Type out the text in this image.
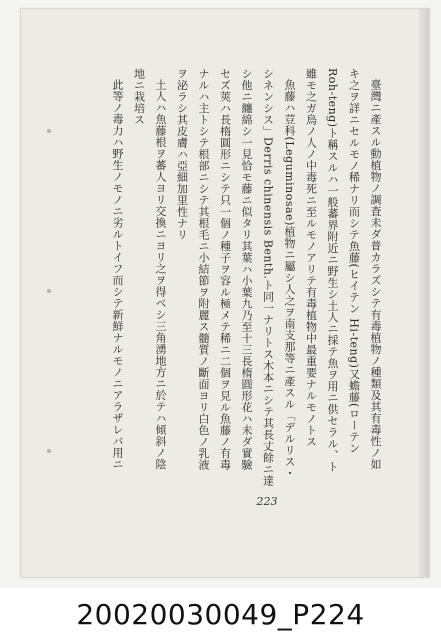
臺灣ニ產スル動植物ノ調査未ダ普カラズシテ有毒植物ノ種類及其有毒性ノ如
キ之ヲ詳ニセルモノ稀ナリ而シテ魚藤(ヒイテン Hi-teng)又蟾藤(ローテン
Roh-teng)ト稱スルハ一般蕃界附近ニ野生シ土人ニ採テ魚ヲ用ニ供セラル、ト
雖モ之ガ鳥ノ人ノ中毒死ニ至ルモノアリテ有毒植物中最重要ナルモノトス
魚藤ハ荳科(Leguminosae)植物ニ屬シ人之ヲ南支那等ニ產スル「デルリス・
シネンシス」Derris chinensis Benth.ト同一ナリトス木本ニシテ其長丈餘ニ達
シ他ニ纏綿シ一見恰モ藤ニ似タリ其葉ハ小葉九乃至十三長楕圓形花ハ未ダ實驗
セズ莢ハ長楕圓形ニシテ只一個ノ種子ヲ容ル極メテ稀ニ二個ヲ見ル魚藤ノ有毒
ナルハ主トシテ根部ニシテ其根毛ニ小結節ヲ附麗ス髓質ノ斷面ヨリ白色ノ乳液
ヲ泌ラシ其皮膚ハ亞細加里性ナリ
土人ハ魚藤根ヲ蕃人ヨリ交換ニヨリ之ヲ得ベシ三角湧地方ニ於テハ傾斜ノ陰
地ニ栽培ス
此等ノ毒力ハ野生ノモノニ劣ルトイフ而シテ新鮮ナルモノニアラザレバ用ニ
223
20020030049_P224
